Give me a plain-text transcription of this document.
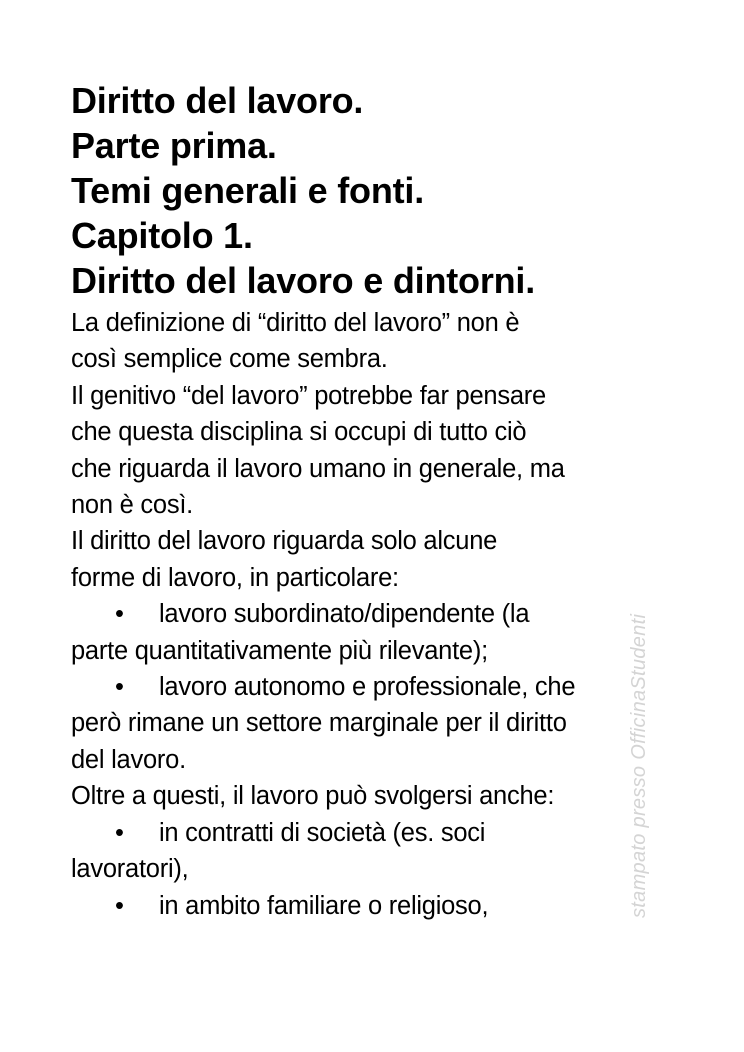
Diritto del lavoro.
Parte prima.
Temi generali e fonti.
Capitolo 1.
Diritto del lavoro e dintorni.

La definizione di “diritto del lavoro” non è

così semplice come sembra.

Il genitivo “del lavoro” potrebbe far pensare

che questa disciplina si occupi di tutto ciò

che riguarda il lavoro umano in generale, ma

non è così.

Il diritto del lavoro riguarda solo alcune

forme di lavoro, in particolare:

• lavoro subordinato/dipendente (la

parte quantitativamente più rilevante);

• lavoro autonomo e professionale, che

però rimane un settore marginale per il diritto

del lavoro.

Oltre a questi, il lavoro può svolgersi anche:

• in contratti di società (es. soci

lavoratori),

• in ambito familiare o religioso,	stampato presso OfficinaStudenti
